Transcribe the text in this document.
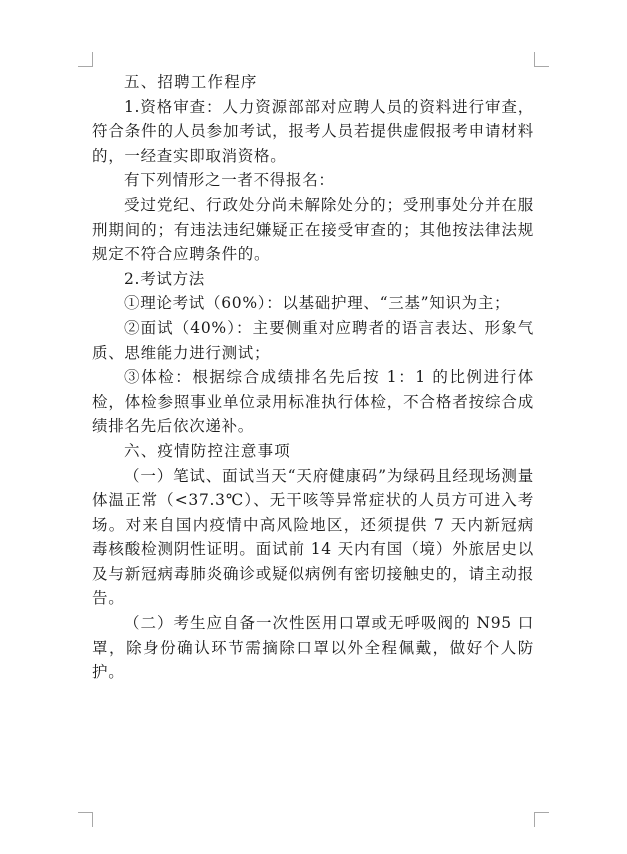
五、招聘工作程序

1.资格审查：人力资源部部对应聘人员的资料进行审查，符合条件的人员参加考试，报考人员若提供虚假报考申请材料的，一经查实即取消资格。

有下列情形之一者不得报名：

受过党纪、行政处分尚未解除处分的；受刑事处分并在服刑期间的；有违法违纪嫌疑正在接受审查的；其他按法律法规规定不符合应聘条件的。

2.考试方法

①理论考试（60%）：以基础护理、“三基”知识为主；

②面试（40%）：主要侧重对应聘者的语言表达、形象气质、思维能力进行测试；

③体检：根据综合成绩排名先后按 1：1 的比例进行体检，体检参照事业单位录用标准执行体检，不合格者按综合成绩排名先后依次递补。

六、疫情防控注意事项

（一）笔试、面试当天“天府健康码”为绿码且经现场测量体温正常（<37.3℃）、无干咳等异常症状的人员方可进入考场。对来自国内疫情中高风险地区，还须提供 7 天内新冠病毒核酸检测阴性证明。面试前 14 天内有国（境）外旅居史以及与新冠病毒肺炎确诊或疑似病例有密切接触史的，请主动报告。

（二）考生应自备一次性医用口罩或无呼吸阀的 N95 口罩，除身份确认环节需摘除口罩以外全程佩戴，做好个人防护。
